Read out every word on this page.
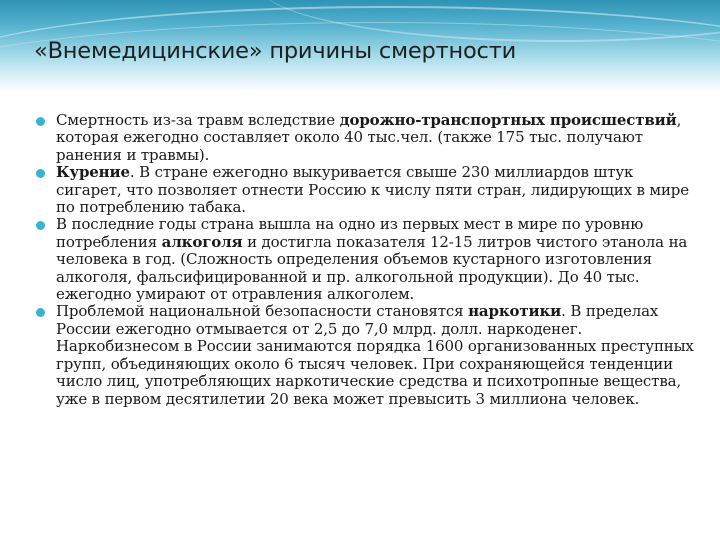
«Внемедицинские» причины смертности
Смертность из-за травм вследствие дорожно-транспортных происшествий, которая ежегодно составляет около 40 тыс.чел. (также 175 тыс. получают ранения и травмы).
Курение. В стране ежегодно выкуривается свыше 230 миллиардов штук сигарет, что позволяет отнести Россию к числу пяти стран, лидирующих в мире по потреблению табака.
В последние годы страна вышла на одно из первых мест в мире по уровню потребления алкоголя и достигла показателя 12-15 литров чистого этанола на человека в год. (Сложность определения объемов кустарного изготовления алкоголя, фальсифицированной и пр. алкогольной продукции). До 40 тыс. ежегодно умирают от отравления алкоголем.
Проблемой национальной безопасности становятся наркотики. В пределах России ежегодно отмывается от 2,5 до 7,0 млрд. долл. наркоденег. Наркобизнесом в России занимаются порядка 1600 организованных преступных групп, объединяющих около 6 тысяч человек. При сохраняющейся тенденции число лиц, употребляющих наркотические средства и психотропные вещества, уже в первом десятилетии 20 века может превысить 3 миллиона человек.
